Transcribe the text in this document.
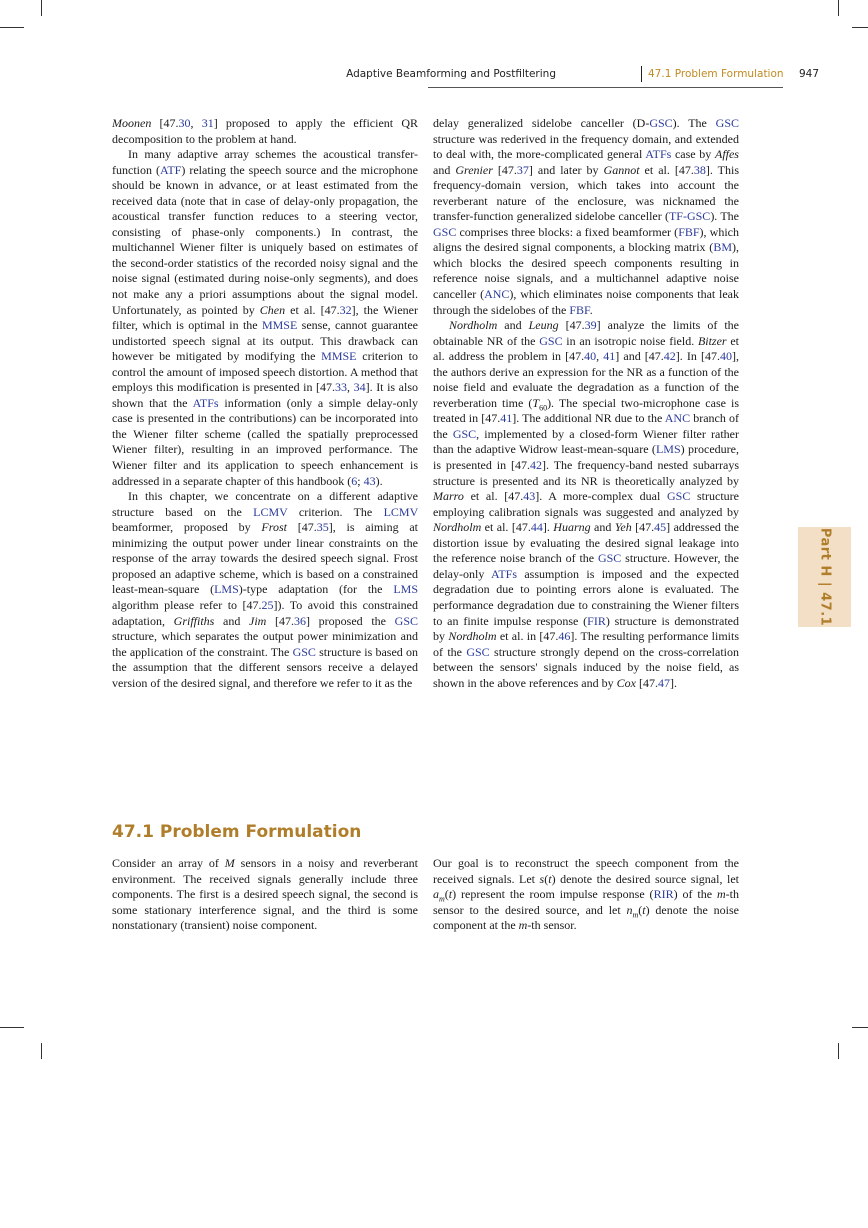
Adaptive Beamforming and Postfiltering	47.1 Problem Formulation 947
Part H | 47.1

Moonen [47.30, 31] proposed to apply the efficient QR decomposition to the problem at hand.

In many adaptive array schemes the acoustical transfer-function (ATF) relating the speech source and the microphone should be known in advance, or at least estimated from the received data (note that in case of delay-only propagation, the acoustical transfer function reduces to a steering vector, consisting of phase-only components.) In contrast, the multichannel Wiener filter is uniquely based on estimates of the second-order statistics of the recorded noisy signal and the noise signal (estimated during noise-only segments), and does not make any a priori assumptions about the signal model. Unfortunately, as pointed by Chen et al. [47.32], the Wiener filter, which is optimal in the MMSE sense, cannot guarantee undistorted speech signal at its output. This drawback can however be mitigated by modifying the MMSE criterion to control the amount of imposed speech distortion. A method that employs this modification is presented in [47.33, 34]. It is also shown that the ATFs information (only a simple delay-only case is presented in the contributions) can be incorporated into the Wiener filter scheme (called the spatially preprocessed Wiener filter), resulting in an improved performance. The Wiener filter and its application to speech enhancement is addressed in a separate chapter of this handbook (6; 43).

In this chapter, we concentrate on a different adaptive structure based on the LCMV criterion. The LCMV beamformer, proposed by Frost [47.35], is aiming at minimizing the output power under linear constraints on the response of the array towards the desired speech signal. Frost proposed an adaptive scheme, which is based on a constrained least-mean-square (LMS)-type adaptation (for the LMS algorithm please refer to [47.25]). To avoid this constrained adaptation, Griffiths and Jim [47.36] proposed the GSC structure, which separates the output power minimization and the application of the constraint. The GSC structure is based on the assumption that the different sensors receive a delayed version of the desired signal, and therefore we refer to it as the

delay generalized sidelobe canceller (D-GSC). The GSC structure was rederived in the frequency domain, and extended to deal with, the more-complicated general ATFs case by Affes and Grenier [47.37] and later by Gannot et al. [47.38]. This frequency-domain version, which takes into account the reverberant nature of the enclosure, was nicknamed the transfer-function generalized sidelobe canceller (TF-GSC). The GSC comprises three blocks: a fixed beamformer (FBF), which aligns the desired signal components, a blocking matrix (BM), which blocks the desired speech components resulting in reference noise signals, and a multichannel adaptive noise canceller (ANC), which eliminates noise components that leak through the sidelobes of the FBF.

Nordholm and Leung [47.39] analyze the limits of the obtainable NR of the GSC in an isotropic noise field. Bitzer et al. address the problem in [47.40, 41] and [47.42]. In [47.40], the authors derive an expression for the NR as a function of the noise field and evaluate the degradation as a function of the reverberation time $(T_{60})$. The special two-microphone case is treated in [47.41]. The additional NR due to the ANC branch of the GSC, implemented by a closed-form Wiener filter rather than the adaptive Widrow least-mean-square (LMS) procedure, is presented in [47.42]. The frequency-band nested subarrays structure is presented and its NR is theoretically analyzed by Marro et al. [47.43]. A more-complex dual GSC structure employing calibration signals was suggested and analyzed by Nordholm et al. [47.44]. Huarng and Yeh [47.45] addressed the distortion issue by evaluating the desired signal leakage into the reference noise branch of the GSC structure. However, the delay-only ATFs assumption is imposed and the expected degradation due to pointing errors alone is evaluated. The performance degradation due to constraining the Wiener filters to an finite impulse response (FIR) structure is demonstrated by Nordholm et al. in [47.46]. The resulting performance limits of the GSC structure strongly depend on the cross-correlation between the sensors' signals induced by the noise field, as shown in the above references and by Cox [47.47].

47.1 Problem Formulation

Consider an array of M sensors in a noisy and reverberant environment. The received signals generally include three components. The first is a desired speech signal, the second is some stationary interference signal, and the third is some nonstationary (transient) noise component.

Our goal is to reconstruct the speech component from the received signals. Let s(t) denote the desired source signal, let $a_m(t)$ represent the room impulse response (RIR) of the m-th sensor to the desired source, and let $n_m(t)$ denote the noise component at the m-th sensor.
